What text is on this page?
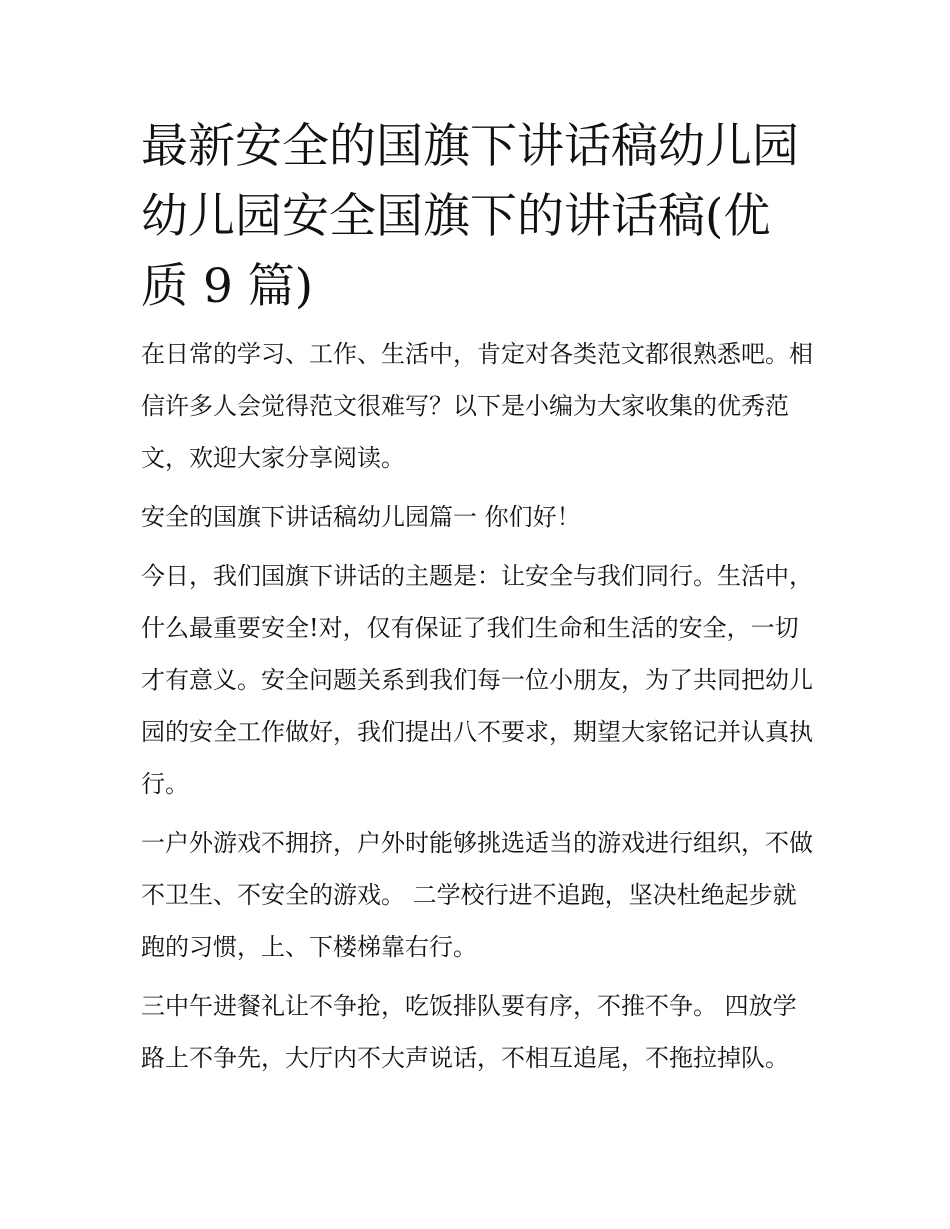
最新安全的国旗下讲话稿幼儿园 幼儿园安全国旗下的讲话稿(优质 9 篇)

在日常的学习、工作、生活中，肯定对各类范文都很熟悉吧。相信许多人会觉得范文很难写？以下是小编为大家收集的优秀范文，欢迎大家分享阅读。

安全的国旗下讲话稿幼儿园篇一 你们好！

今日，我们国旗下讲话的主题是：让安全与我们同行。生活中，什么最重要安全!对，仅有保证了我们生命和生活的安全，一切才有意义。安全问题关系到我们每一位小朋友，为了共同把幼儿园的安全工作做好，我们提出八不要求，期望大家铭记并认真执行。

一户外游戏不拥挤，户外时能够挑选适当的游戏进行组织，不做不卫生、不安全的游戏。 二学校行进不追跑，坚决杜绝起步就跑的习惯，上、下楼梯靠右行。

三中午进餐礼让不争抢，吃饭排队要有序，不推不争。 四放学路上不争先，大厅内不大声说话，不相互追尾，不拖拉掉队。
